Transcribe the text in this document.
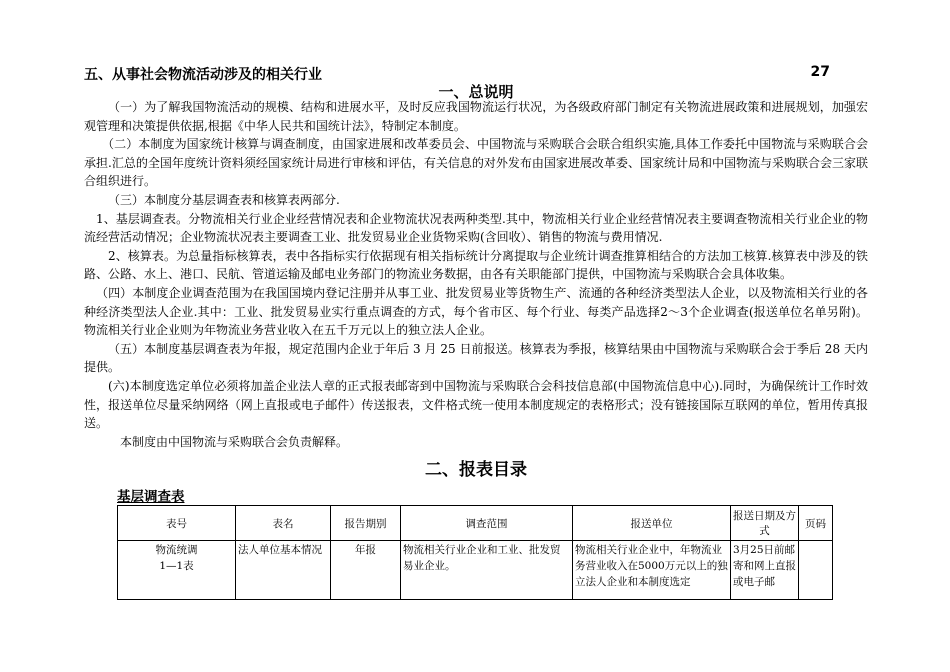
五、从事社会物流活动涉及的相关行业	27
一、总说明

（一）为了解我国物流活动的规模、结构和进展水平，及时反应我国物流运行状况，为各级政府部门制定有关物流进展政策和进展规划，加强宏观管理和决策提供依据,根据《中华人民共和国统计法》，特制定本制度。

（二）本制度为国家统计核算与调查制度，由国家进展和改革委员会、中国物流与采购联合会联合组织实施,具体工作委托中国物流与采购联合会承担.汇总的全国年度统计资料须经国家统计局进行审核和评估，有关信息的对外发布由国家进展改革委、国家统计局和中国物流与采购联合会三家联合组织进行。

（三）本制度分基层调查表和核算表两部分.

1、基层调查表。分物流相关行业企业经营情况表和企业物流状况表两种类型.其中，物流相关行业企业经营情况表主要调查物流相关行业企业的物流经营活动情况；企业物流状况表主要调查工业、批发贸易业企业货物采购(含回收）、销售的物流与费用情况.

2、核算表。为总量指标核算表，表中各指标实行依据现有相关指标统计分离提取与企业统计调查推算相结合的方法加工核算.核算表中涉及的铁路、公路、水上、港口、民航、管道运输及邮电业务部门的物流业务数据，由各有关职能部门提供，中国物流与采购联合会具体收集。

（四）本制度企业调查范围为在我国国境内登记注册并从事工业、批发贸易业等货物生产、流通的各种经济类型法人企业，以及物流相关行业的各种经济类型法人企业.其中：工业、批发贸易业实行重点调查的方式，每个省市区、每个行业、每类产品选择2～3个企业调查(报送单位名单另附)。物流相关行业企业则为年物流业务营业收入在五千万元以上的独立法人企业。

（五）本制度基层调查表为年报，规定范围内企业于年后 3 月 25 日前报送。核算表为季报，核算结果由中国物流与采购联合会于季后 28 天内提供。

(六)本制度选定单位必须将加盖企业法人章的正式报表邮寄到中国物流与采购联合会科技信息部(中国物流信息中心).同时，为确保统计工作时效性，报送单位尽量采纳网络（网上直报或电子邮件）传送报表，文件格式统一使用本制度规定的表格形式；没有链接国际互联网的单位，暂用传真报送。

本制度由中国物流与采购联合会负责解释。

二、报表目录
基层调查表
表号	表名	报告期别	调查范围	报送单位	报送日期及方式	页码
物流统调
1—1表	法人单位基本情况	年报	物流相关行业企业和工业、批发贸易业企业。	物流相关行业企业中，年物流业务营业收入在5000万元以上的独立法人企业和本制度选定	3月25日前邮寄和网上直报或电子邮	
